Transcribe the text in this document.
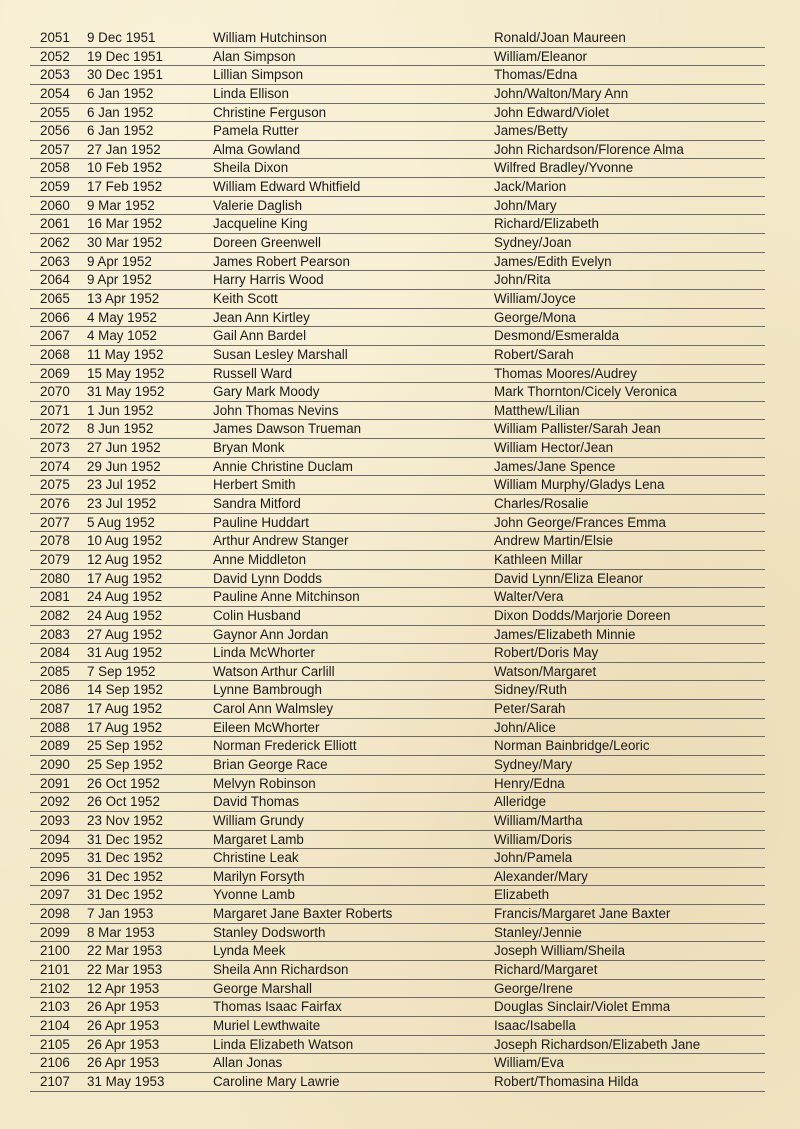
2051 9 Dec 1951	William Hutchinson	Ronald/Joan Maureen
2052 19 Dec 1951	Alan Simpson	William/Eleanor
2053 30 Dec 1951	Lillian Simpson	Thomas/Edna
2054 6 Jan 1952	Linda Ellison	John/Walton/Mary Ann
2055 6 Jan 1952	Christine Ferguson	John Edward/Violet
2056 6 Jan 1952	Pamela Rutter	James/Betty
2057 27 Jan 1952	Alma Gowland	John Richardson/Florence Alma
2058 10 Feb 1952	Sheila Dixon	Wilfred Bradley/Yvonne
2059 17 Feb 1952	William Edward Whitfield	Jack/Marion
2060 9 Mar 1952	Valerie Daglish	John/Mary
2061 16 Mar 1952	Jacqueline King	Richard/Elizabeth
2062 30 Mar 1952	Doreen Greenwell	Sydney/Joan
2063 9 Apr 1952	James Robert Pearson	James/Edith Evelyn
2064 9 Apr 1952	Harry Harris Wood	John/Rita
2065 13 Apr 1952	Keith Scott	William/Joyce
2066 4 May 1952	Jean Ann Kirtley	George/Mona
2067 4 May 1052	Gail Ann Bardel	Desmond/Esmeralda
2068 11 May 1952	Susan Lesley Marshall	Robert/Sarah
2069 15 May 1952	Russell Ward	Thomas Moores/Audrey
2070 31 May 1952	Gary Mark Moody	Mark Thornton/Cicely Veronica
2071 1 Jun 1952	John Thomas Nevins	Matthew/Lilian
2072 8 Jun 1952	James Dawson Trueman	William Pallister/Sarah Jean
2073 27 Jun 1952	Bryan Monk	William Hector/Jean
2074 29 Jun 1952	Annie Christine Duclam	James/Jane Spence
2075 23 Jul 1952	Herbert Smith	William Murphy/Gladys Lena
2076 23 Jul 1952	Sandra Mitford	Charles/Rosalie
2077 5 Aug 1952	Pauline Huddart	John George/Frances Emma
2078 10 Aug 1952	Arthur Andrew Stanger	Andrew Martin/Elsie
2079 12 Aug 1952	Anne Middleton	Kathleen Millar
2080 17 Aug 1952	David Lynn Dodds	David Lynn/Eliza Eleanor
2081 24 Aug 1952	Pauline Anne Mitchinson	Walter/Vera
2082 24 Aug 1952	Colin Husband	Dixon Dodds/Marjorie Doreen
2083 27 Aug 1952	Gaynor Ann Jordan	James/Elizabeth Minnie
2084 31 Aug 1952	Linda McWhorter	Robert/Doris May
2085 7 Sep 1952	Watson Arthur Carlill	Watson/Margaret
2086 14 Sep 1952	Lynne Bambrough	Sidney/Ruth
2087 17 Aug 1952	Carol Ann Walmsley	Peter/Sarah
2088 17 Aug 1952	Eileen McWhorter	John/Alice
2089 25 Sep 1952	Norman Frederick Elliott	Norman Bainbridge/Leoric
2090 25 Sep 1952	Brian George Race	Sydney/Mary
2091 26 Oct 1952	Melvyn Robinson	Henry/Edna
2092 26 Oct 1952	David Thomas	Alleridge
2093 23 Nov 1952	William Grundy	William/Martha
2094 31 Dec 1952	Margaret Lamb	William/Doris
2095 31 Dec 1952	Christine Leak	John/Pamela
2096 31 Dec 1952	Marilyn Forsyth	Alexander/Mary
2097 31 Dec 1952	Yvonne Lamb	Elizabeth
2098 7 Jan 1953	Margaret Jane Baxter Roberts	Francis/Margaret Jane Baxter
2099 8 Mar 1953	Stanley Dodsworth	Stanley/Jennie
2100 22 Mar 1953	Lynda Meek	Joseph William/Sheila
2101 22 Mar 1953	Sheila Ann Richardson	Richard/Margaret
2102 12 Apr 1953	George Marshall	George/Irene
2103 26 Apr 1953	Thomas Isaac Fairfax	Douglas Sinclair/Violet Emma
2104 26 Apr 1953	Muriel Lewthwaite	Isaac/Isabella
2105 26 Apr 1953	Linda Elizabeth Watson	Joseph Richardson/Elizabeth Jane
2106 26 Apr 1953	Allan Jonas	William/Eva
2107 31 May 1953	Caroline Mary Lawrie	Robert/Thomasina Hilda
